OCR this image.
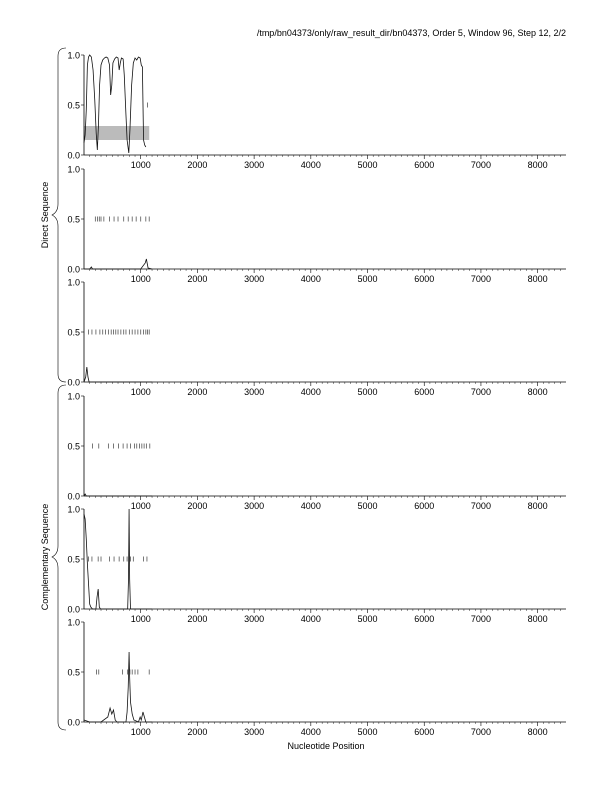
/tmp/bn04373/only/raw_result_dir/bn04373, Order 5, Window 96, Step 12, 2/2
0.0
0.5
1.0
1000	2000	3000	4000	5000	6000	7000	8000
0.0
0.5
1.0
1000	2000	3000	4000	5000	6000	7000	8000
0.0
0.5
1.0
1000	2000	3000	4000	5000	6000	7000	8000
0.0
0.5
1.0
1000	2000	3000	4000	5000	6000	7000	8000
0.0
0.5
1.0
1000	2000	3000	4000	5000	6000	7000	8000
0.0
0.5
1.0
1000	2000	3000	4000	5000	6000	7000	8000
Nucleotide Position
Direct Sequence
Complementary Sequence
